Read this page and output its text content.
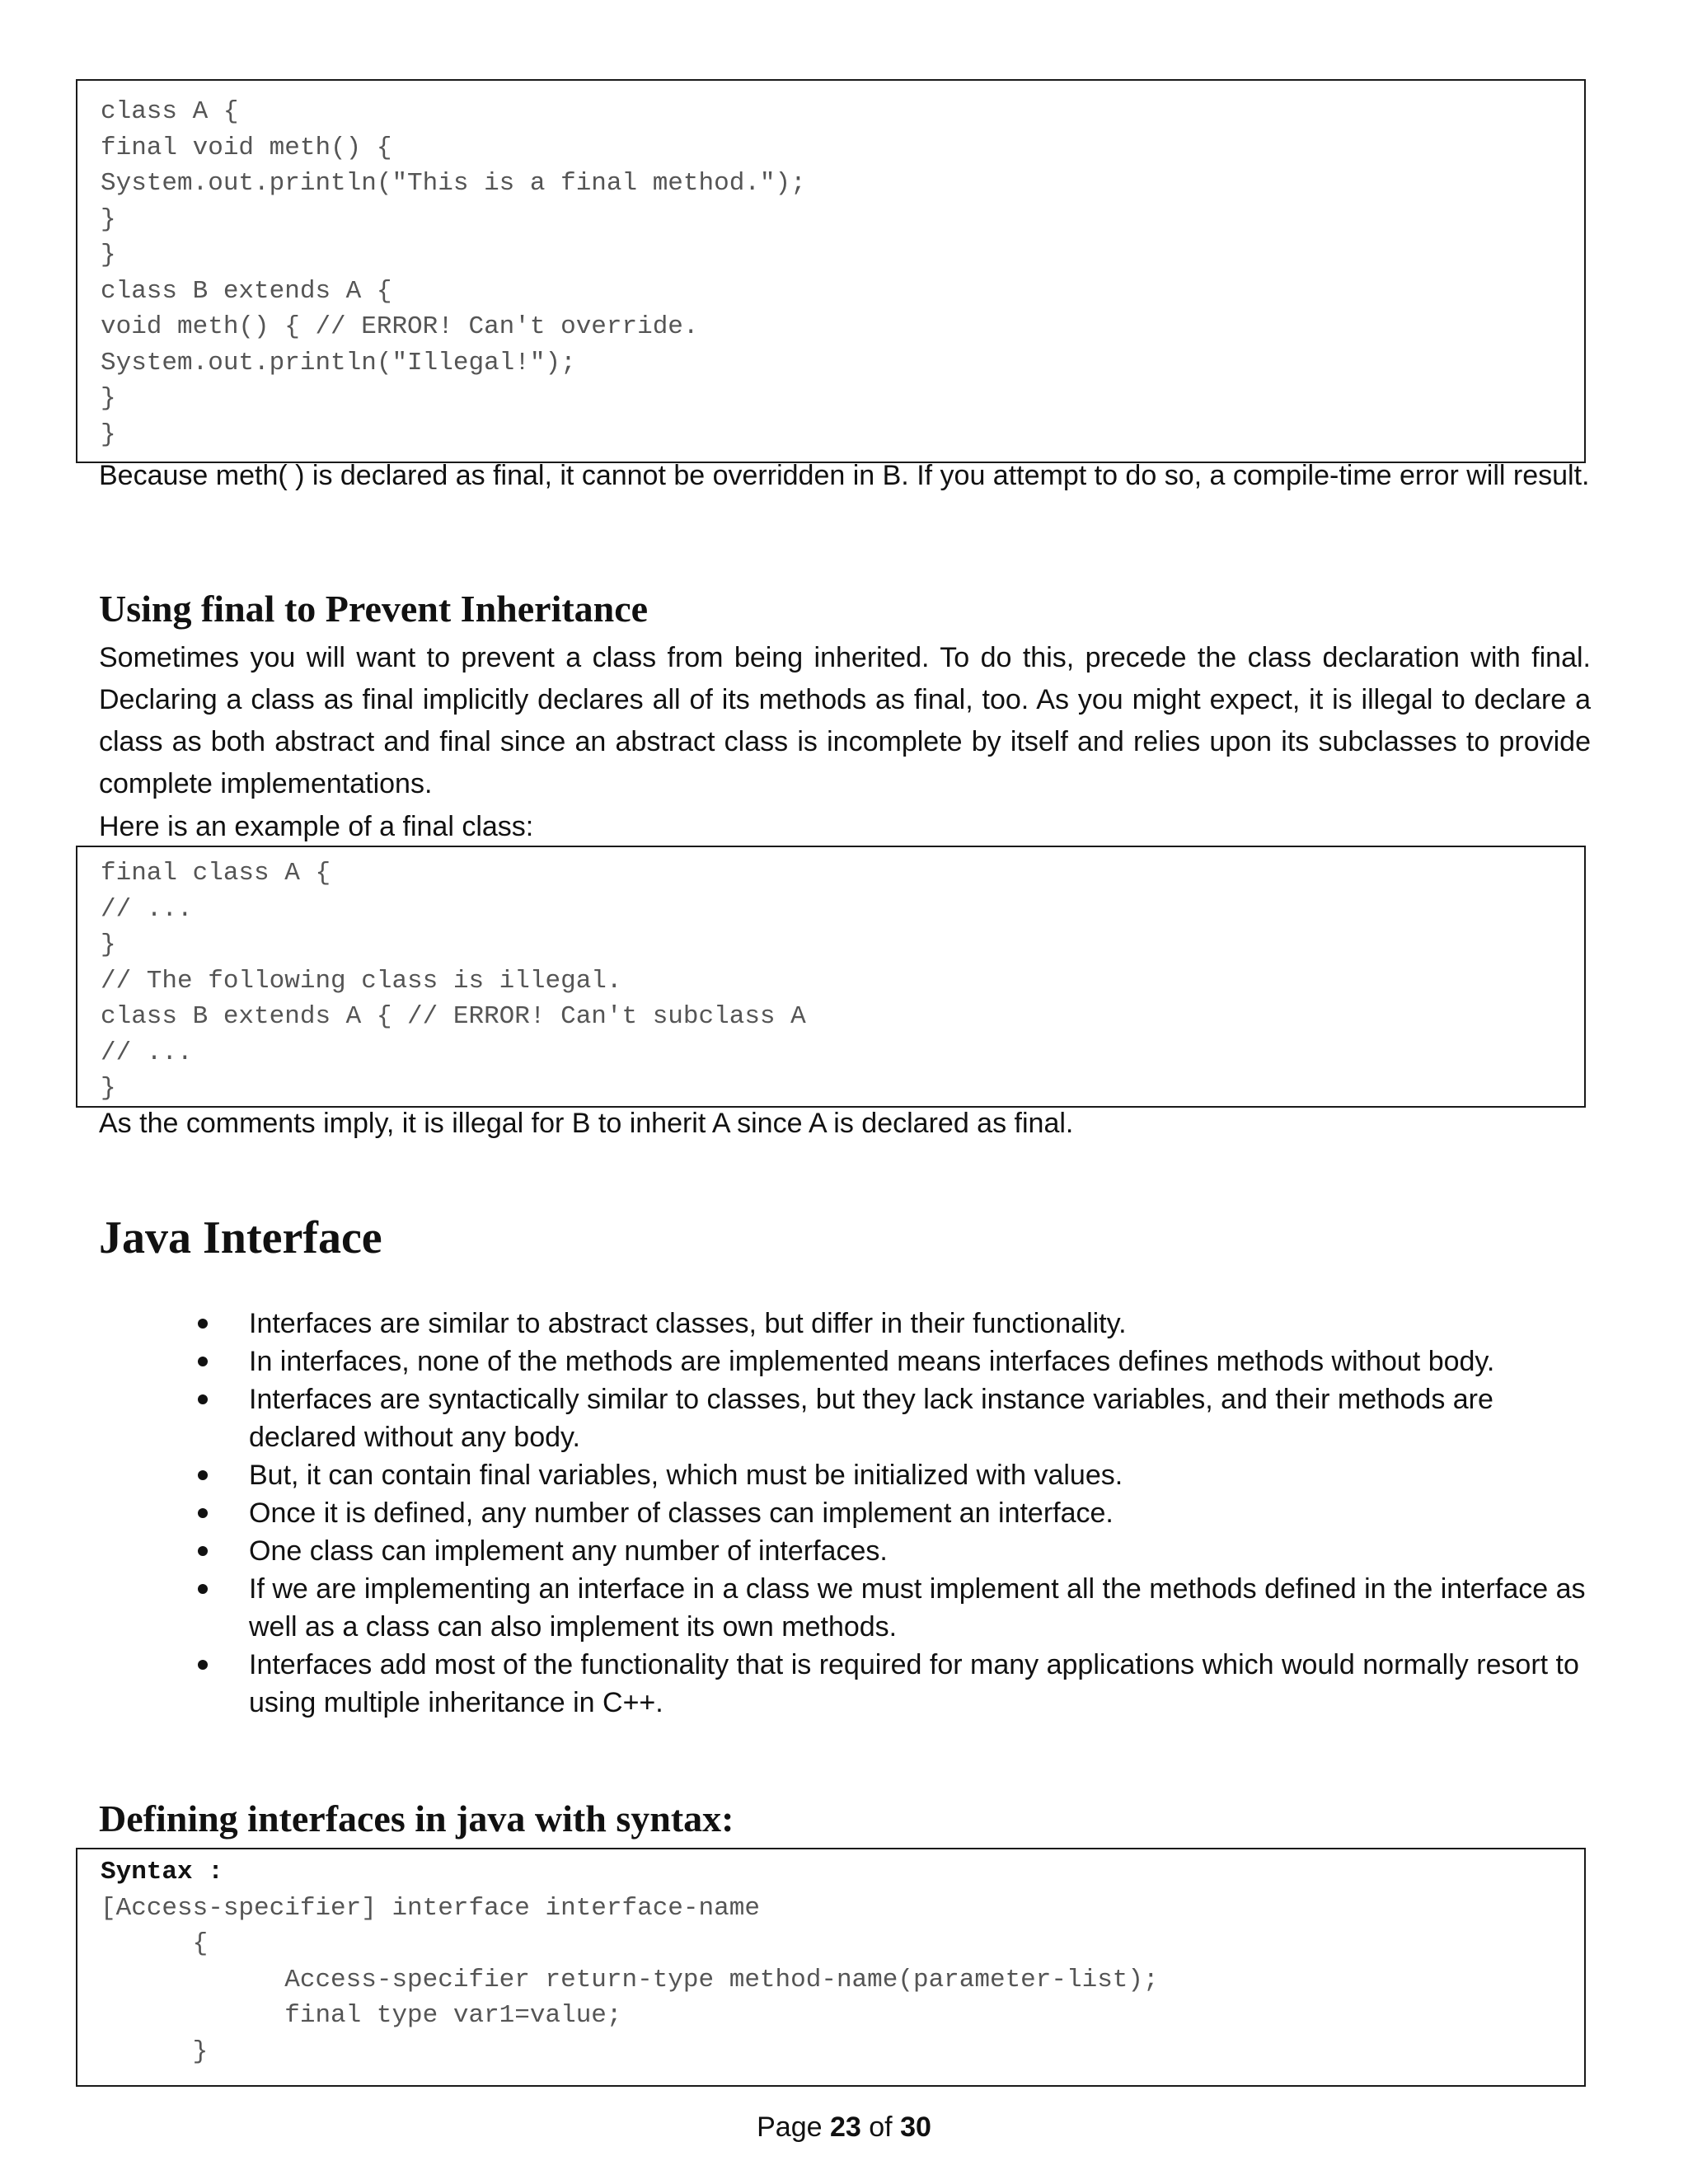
class A {
final void meth() {
System.out.println("This is a final method.");
}
}
class B extends A {
void meth() { // ERROR! Can't override.
System.out.println("Illegal!");
}
}

Because meth( ) is declared as final, it cannot be overridden in B. If you attempt to do so, a compile-time error will result.

Using final to Prevent Inheritance

Sometimes you will want to prevent a class from being inherited. To do this, precede the class declaration with final. Declaring a class as final implicitly declares all of its methods as final, too. As you might expect, it is illegal to declare a class as both abstract and final since an abstract class is incomplete by itself and relies upon its subclasses to provide complete implementations.

Here is an example of a final class:

final class A {
// ...
}
// The following class is illegal.
class B extends A { // ERROR! Can't subclass A
// ...
}

As the comments imply, it is illegal for B to inherit A since A is declared as final.

Java Interface
Interfaces are similar to abstract classes, but differ in their functionality.
In interfaces, none of the methods are implemented means interfaces defines methods without body.
Interfaces are syntactically similar to classes, but they lack instance variables, and their methods are declared without any body.
But, it can contain final variables, which must be initialized with values.
Once it is defined, any number of classes can implement an interface.
One class can implement any number of interfaces.
If we are implementing an interface in a class we must implement all the methods defined in the interface as well as a class can also implement its own methods.
Interfaces add most of the functionality that is required for many applications which would normally resort to using multiple inheritance in C++.
Defining interfaces in java with syntax:
Syntax :
[Access-specifier] interface interface-name
{
Access-specifier return-type method-name(parameter-list);
final type var1=value;
}
Page 23 of 30
